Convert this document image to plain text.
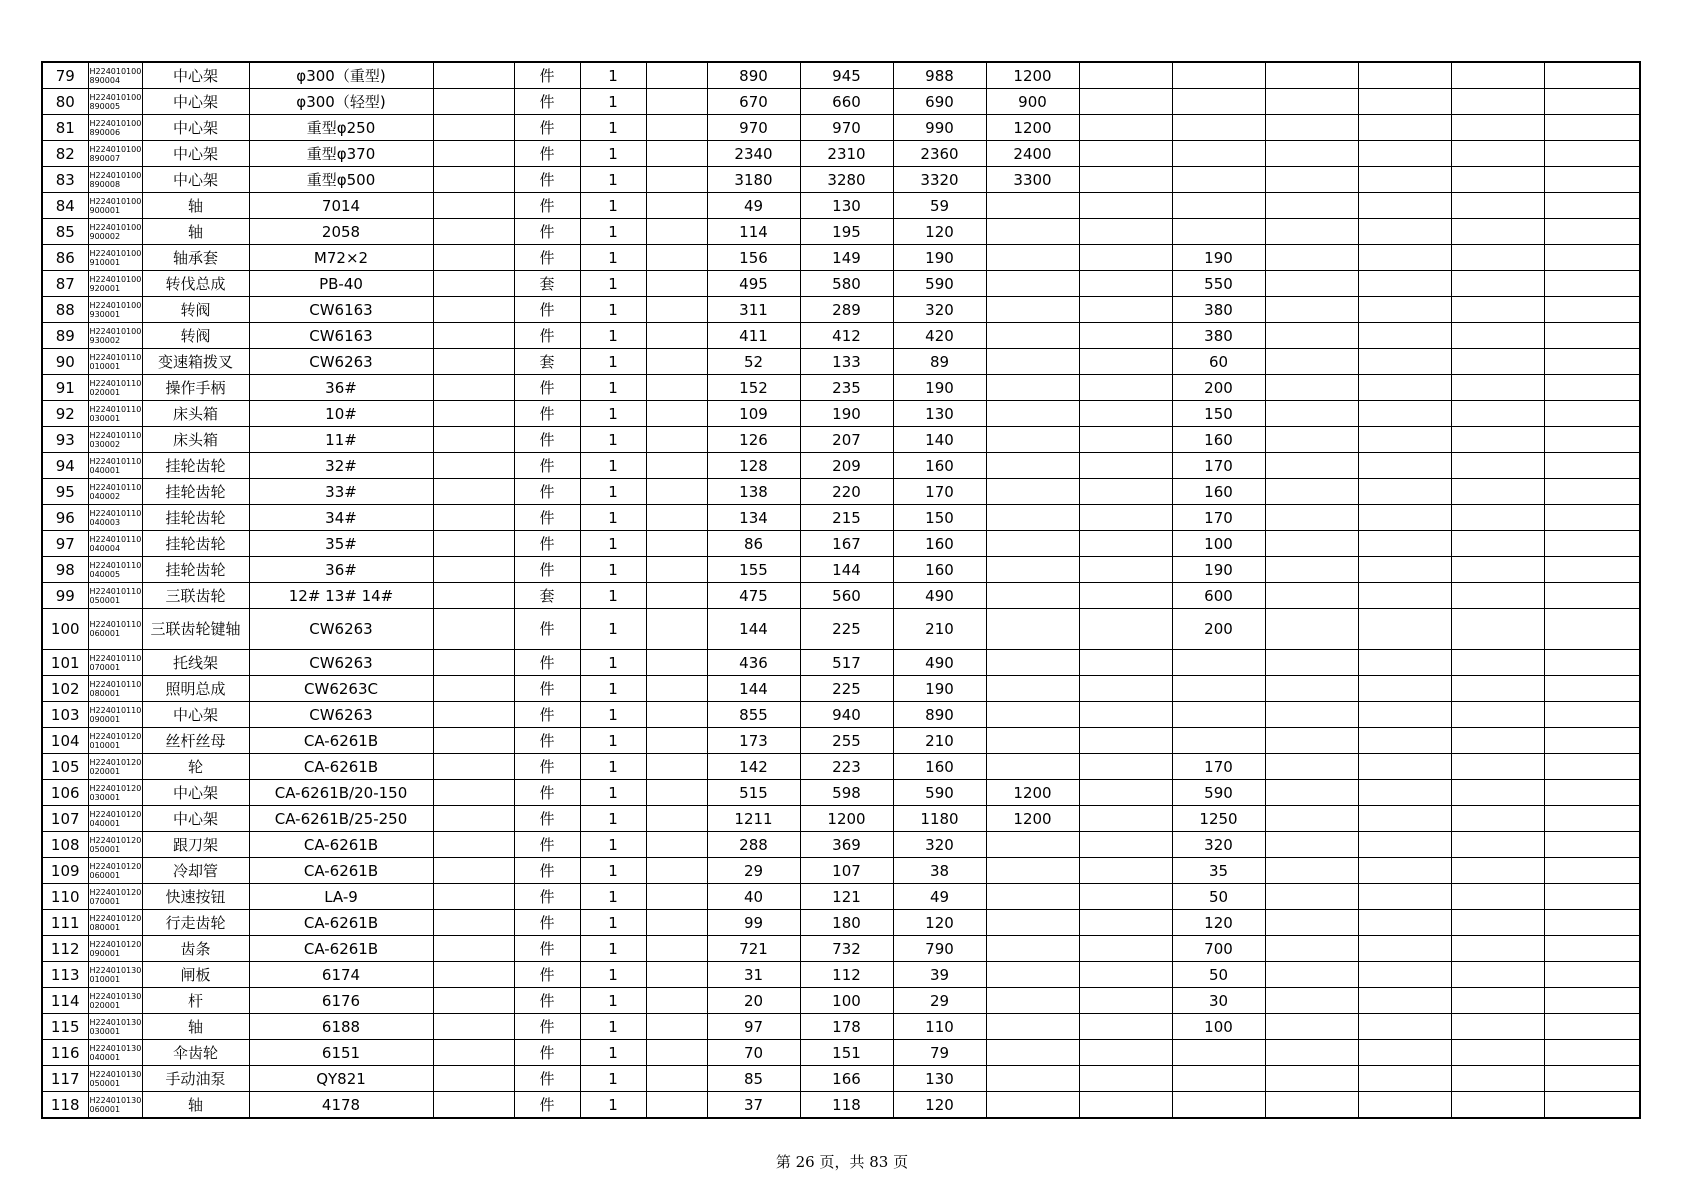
79	H224010100890004	中心架	φ300（重型)		件	1		890	945	988	1200						
80	H224010100890005	中心架	φ300（轻型)		件	1		670	660	690	900						
81	H224010100890006	中心架	重型φ250		件	1		970	970	990	1200						
82	H224010100890007	中心架	重型φ370		件	1		2340	2310	2360	2400						
83	H224010100890008	中心架	重型φ500		件	1		3180	3280	3320	3300						
84	H224010100900001	轴	7014		件	1		49	130	59							
85	H224010100900002	轴	2058		件	1		114	195	120							
86	H224010100910001	轴承套	M72×2		件	1		156	149	190			190				
87	H224010100920001	转伐总成	PB-40		套	1		495	580	590			550				
88	H224010100930001	转阀	CW6163		件	1		311	289	320			380				
89	H224010100930002	转阀	CW6163		件	1		411	412	420			380				
90	H224010110010001	变速箱拨叉	CW6263		套	1		52	133	89			60				
91	H224010110020001	操作手柄	36#		件	1		152	235	190			200				
92	H224010110030001	床头箱	10#		件	1		109	190	130			150				
93	H224010110030002	床头箱	11#		件	1		126	207	140			160				
94	H224010110040001	挂轮齿轮	32#		件	1		128	209	160			170				
95	H224010110040002	挂轮齿轮	33#		件	1		138	220	170			160				
96	H224010110040003	挂轮齿轮	34#		件	1		134	215	150			170				
97	H224010110040004	挂轮齿轮	35#		件	1		86	167	160			100				
98	H224010110040005	挂轮齿轮	36#		件	1		155	144	160			190				
99	H224010110050001	三联齿轮	12# 13# 14#		套	1		475	560	490			600				
100	H224010110060001	三联齿轮键轴	CW6263		件	1		144	225	210			200				
101	H224010110070001	托线架	CW6263		件	1		436	517	490							
102	H224010110080001	照明总成	CW6263C		件	1		144	225	190							
103	H224010110090001	中心架	CW6263		件	1		855	940	890							
104	H224010120010001	丝杆丝母	CA-6261B		件	1		173	255	210							
105	H224010120020001	轮	CA-6261B		件	1		142	223	160			170				
106	H224010120030001	中心架	CA-6261B/20-150		件	1		515	598	590	1200		590				
107	H224010120040001	中心架	CA-6261B/25-250		件	1		1211	1200	1180	1200		1250				
108	H224010120050001	跟刀架	CA-6261B		件	1		288	369	320			320				
109	H224010120060001	冷却管	CA-6261B		件	1		29	107	38			35				
110	H224010120070001	快速按钮	LA-9		件	1		40	121	49			50				
111	H224010120080001	行走齿轮	CA-6261B		件	1		99	180	120			120				
112	H224010120090001	齿条	CA-6261B		件	1		721	732	790			700				
113	H224010130010001	闸板	6174		件	1		31	112	39			50				
114	H224010130020001	杆	6176		件	1		20	100	29			30				
115	H224010130030001	轴	6188		件	1		97	178	110			100				
116	H224010130040001	伞齿轮	6151		件	1		70	151	79							
117	H224010130050001	手动油泵	QY821		件	1		85	166	130							
118	H224010130060001	轴	4178		件	1		37	118	120							
第 26 页，共 83 页
